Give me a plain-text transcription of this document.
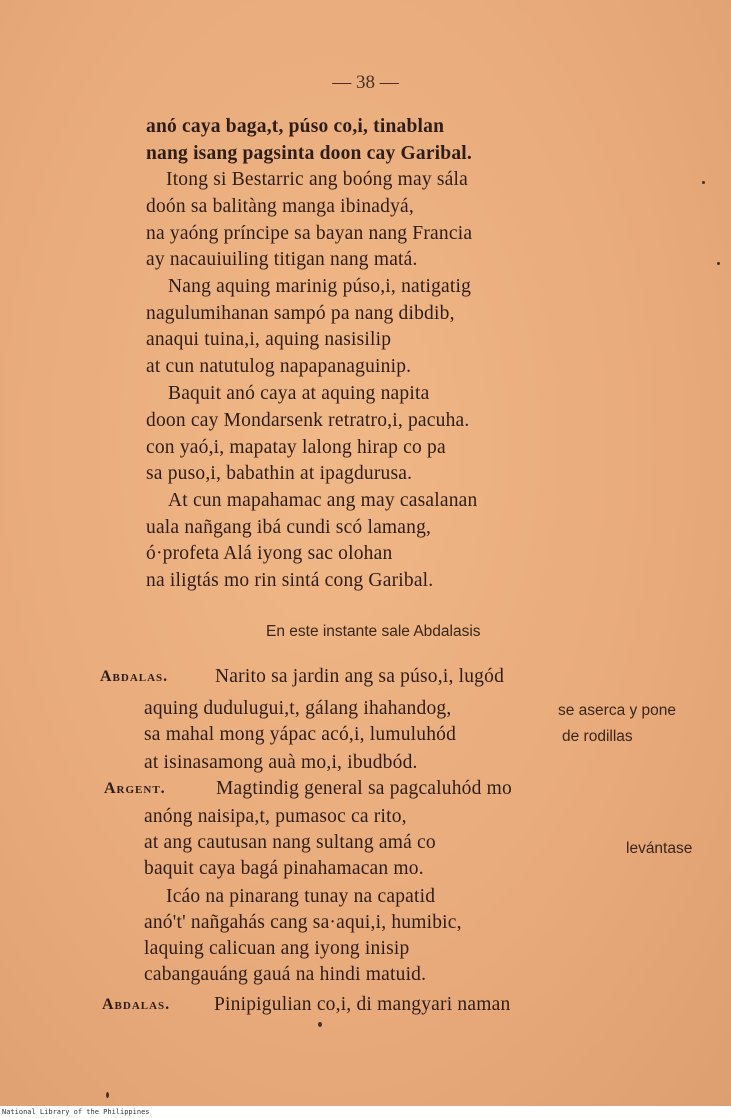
— 38 —
anó caya baga,t, púso co,i, tinablan
nang isang pagsinta doon cay Garibal.
Itong si Bestarric ang boóng may sála
doón sa balitàng manga ibinadyá,
na yaóng príncipe sa bayan nang Francia
ay nacauiuiling titigan nang matá.
Nang aquing marinig púso,i, natigatig
nagulumihanan sampó pa nang dibdib,
anaqui tuina,i, aquing nasisilip
at cun natutulog napapanaguinip.
Baquit anó caya at aquing napita
doon cay Mondarsenk retratro,i, pacuha.
con yaó,i, mapatay lalong hirap co pa
sa puso,i, babathin at ipagdurusa.
At cun mapahamac ang may casalanan
uala nañgang ibá cundi scó lamang,
ó·profeta Alá iyong sac olohan
na iligtás mo rin sintá cong Garibal.
En este instante sale Abdalasis
Abdalas. Narito sa jardin ang sa púso,i, lugód
aquing dudulugui,t, gálang ihahandog,	se aserca y pone
sa mahal mong yápac acó,i, lumuluhód	de rodillas
at isinasamong auà mo,i, ibudbód.
Argent.	Magtindig general sa pagcaluhód mo
anóng naisipa,t, pumasoc ca rito,
at ang cautusan nang sultang amá co	levántase
baquit caya bagá pinahamacan mo.
Icáo na pinarang tunay na capatid
anó't' nañgahás cang sa·aqui,i, humibic,
laquing calicuan ang iyong inisip
cabangauáng gauá na hindi matuid.
Abdalas. Pinipigulian co,i, di mangyari naman
National Library of the Philippines
